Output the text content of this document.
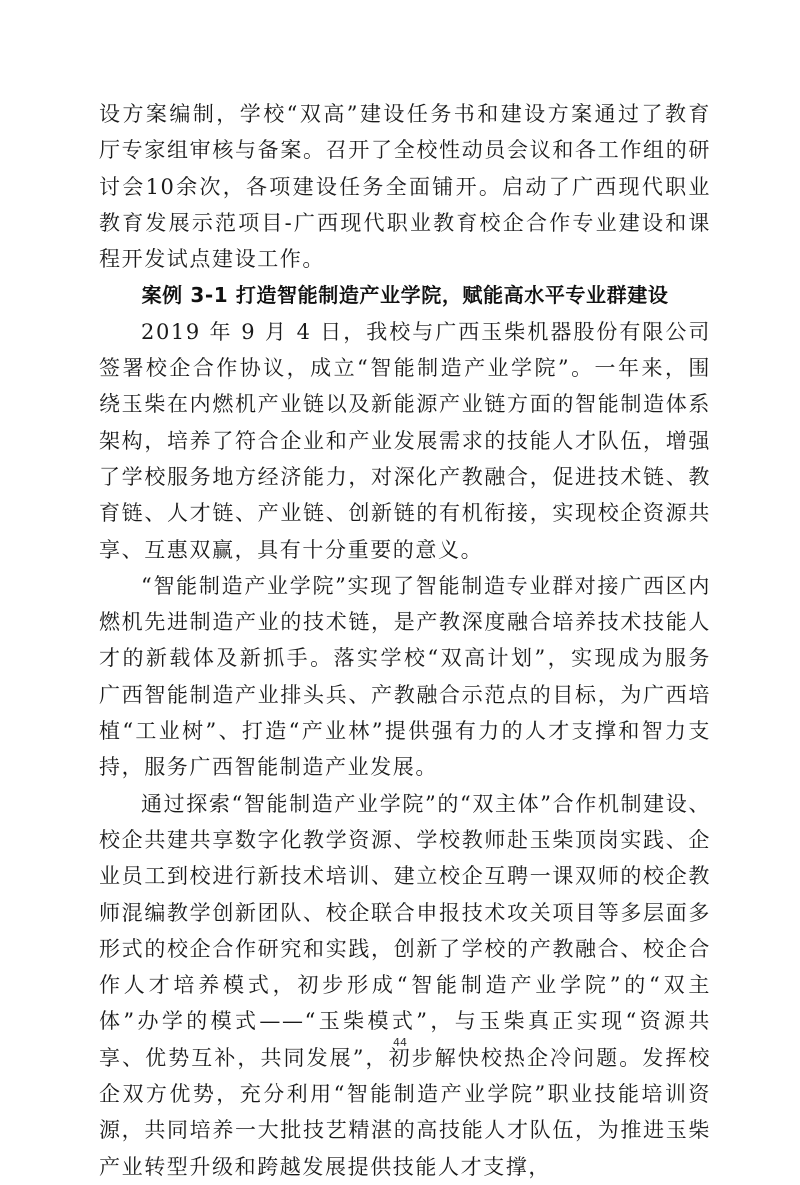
设方案编制，学校“双高”建设任务书和建设方案通过了教育厅专家组审核与备案。召开了全校性动员会议和各工作组的研讨会10余次，各项建设任务全面铺开。启动了广西现代职业教育发展示范项目-广西现代职业教育校企合作专业建设和课程开发试点建设工作。

案例 3-1 打造智能制造产业学院，赋能高水平专业群建设

2019 年 9 月 4 日，我校与广西玉柴机器股份有限公司签署校企合作协议，成立“智能制造产业学院”。一年来，围绕玉柴在内燃机产业链以及新能源产业链方面的智能制造体系架构，培养了符合企业和产业发展需求的技能人才队伍，增强了学校服务地方经济能力，对深化产教融合，促进技术链、教育链、人才链、产业链、创新链的有机衔接，实现校企资源共享、互惠双赢，具有十分重要的意义。

“智能制造产业学院”实现了智能制造专业群对接广西区内燃机先进制造产业的技术链，是产教深度融合培养技术技能人才的新载体及新抓手。落实学校“双高计划”，实现成为服务广西智能制造产业排头兵、产教融合示范点的目标，为广西培植“工业树”、打造“产业林”提供强有力的人才支撑和智力支持，服务广西智能制造产业发展。

通过探索“智能制造产业学院”的“双主体”合作机制建设、校企共建共享数字化教学资源、学校教师赴玉柴顶岗实践、企业员工到校进行新技术培训、建立校企互聘一课双师的校企教师混编教学创新团队、校企联合申报技术攻关项目等多层面多形式的校企合作研究和实践，创新了学校的产教融合、校企合作人才培养模式，初步形成“智能制造产业学院”的“双主体”办学的模式——“玉柴模式”，与玉柴真正实现“资源共享、优势互补，共同发展”，初步解快校热企冷问题。发挥校企双方优势，充分利用“智能制造产业学院”职业技能培训资源，共同培养一大批技艺精湛的高技能人才队伍，为推进玉柴产业转型升级和跨越发展提供技能人才支撑，

44
